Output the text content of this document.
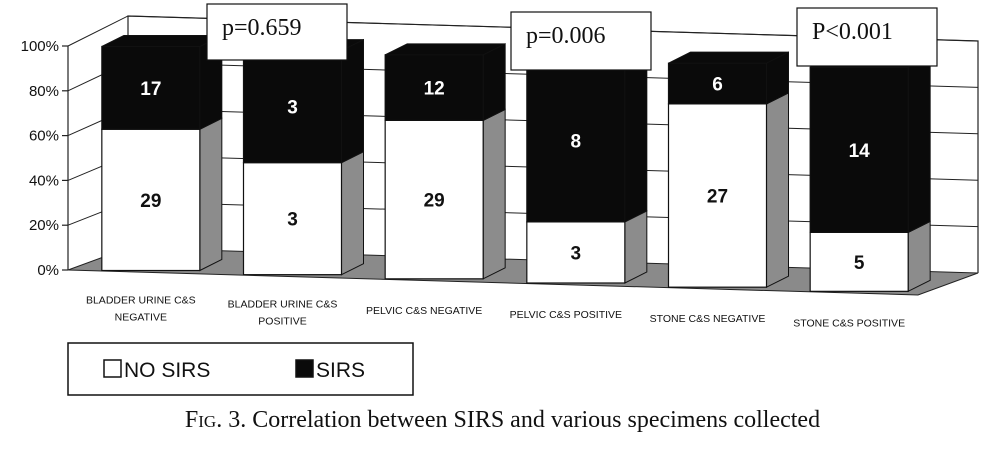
0%
20%
40%
60%
80%
100%
29
17
3
3
29
12
3
8
27
6
5
14
BLADDER URINE C&S
NEGATIVE
BLADDER URINE C&S
POSITIVE
PELVIC C&S NEGATIVE	PELVIC C&S POSITIVE	STONE C&S NEGATIVE	STONE C&S POSITIVE
p=0.659	p=0.006	P<0.001
NO SIRS	SIRS
Fig. 3. Correlation between SIRS and various specimens collected
